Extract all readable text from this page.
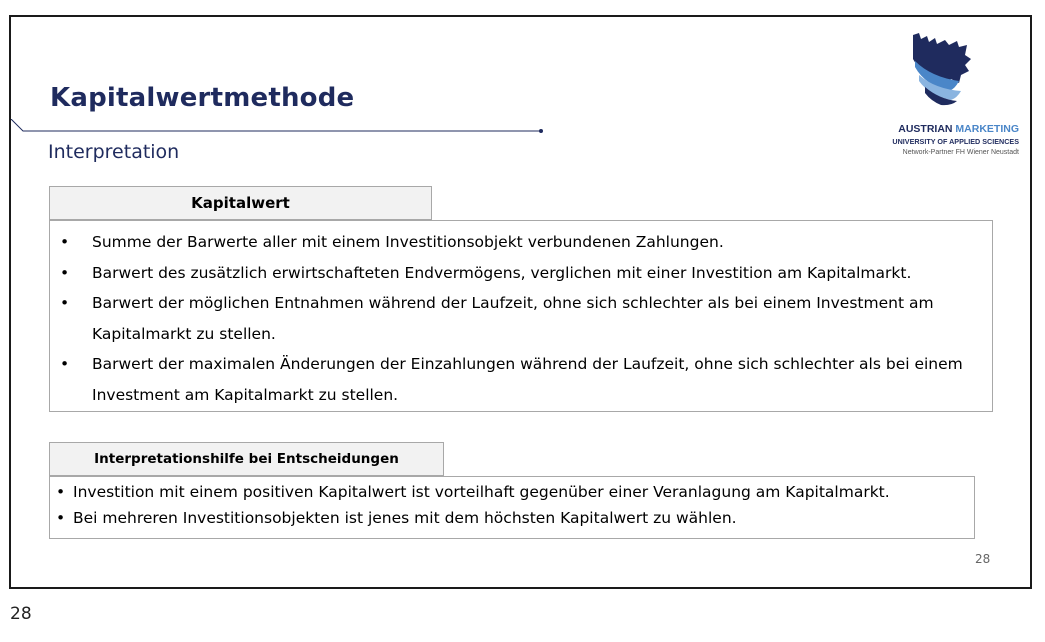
Kapitalwertmethode
Interpretation
AUSTRIAN MARKETING
UNIVERSITY OF APPLIED SCIENCES
Network-Partner FH Wiener Neustadt
Kapitalwert
• Summe der Barwerte aller mit einem Investitionsobjekt verbundenen Zahlungen.
• Barwert des zusätzlich erwirtschafteten Endvermögens, verglichen mit einer Investition am Kapitalmarkt.
• Barwert der möglichen Entnahmen während der Laufzeit, ohne sich schlechter als bei einem Investment am Kapitalmarkt zu stellen.
• Barwert der maximalen Änderungen der Einzahlungen während der Laufzeit, ohne sich schlechter als bei einem Investment am Kapitalmarkt zu stellen.
Interpretationshilfe bei Entscheidungen
• Investition mit einem positiven Kapitalwert ist vorteilhaft gegenüber einer Veranlagung am Kapitalmarkt.
• Bei mehreren Investitionsobjekten ist jenes mit dem höchsten Kapitalwert zu wählen.
28
28
